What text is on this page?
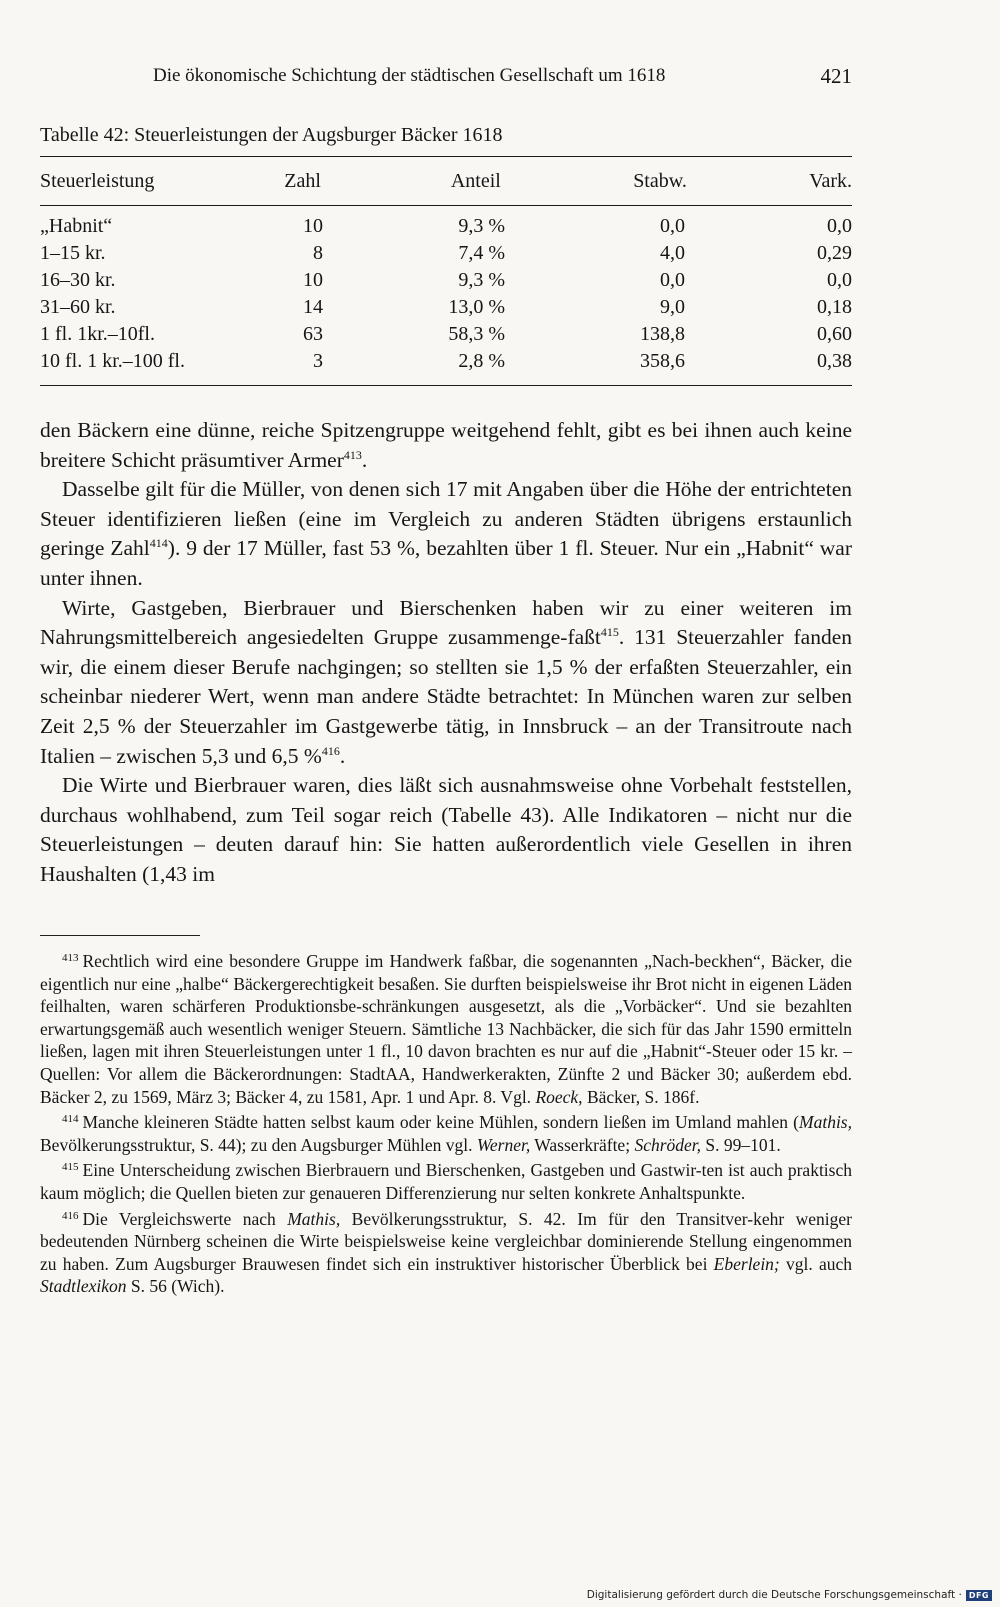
Die ökonomische Schichtung der städtischen Gesellschaft um 1618	421
Tabelle 42: Steuerleistungen der Augsburger Bäcker 1618
Steuerleistung	Zahl	Anteil	Stabw.	Vark.
„Habnit“	10	9,3 %	0,0	0,0
1–15 kr.	8	7,4 %	4,0	0,29
16–30 kr.	10	9,3 %	0,0	0,0
31–60 kr.	14	13,0 %	9,0	0,18
1 fl. 1kr.–10fl.	63	58,3 %	138,8	0,60
10 fl. 1 kr.–100 fl.	3	2,8 %	358,6	0,38

den Bäckern eine dünne, reiche Spitzengruppe weitgehend fehlt, gibt es bei ihnen auch keine breitere Schicht präsumtiver Armer$^{413}$.

Dasselbe gilt für die Müller, von denen sich 17 mit Angaben über die Höhe der entrichteten Steuer identifizieren ließen (eine im Vergleich zu anderen Städten übrigens erstaunlich geringe Zahl$^{414}$). 9 der 17 Müller, fast 53 %, bezahlten über 1 fl. Steuer. Nur ein „Habnit“ war unter ihnen.

Wirte, Gastgeben, Bierbrauer und Bierschenken haben wir zu einer weiteren im Nahrungsmittelbereich angesiedelten Gruppe zusammenge-faßt$^{415}$. 131 Steuerzahler fanden wir, die einem dieser Berufe nachgingen; so stellten sie 1,5 % der erfaßten Steuerzahler, ein scheinbar niederer Wert, wenn man andere Städte betrachtet: In München waren zur selben Zeit 2,5 % der Steuerzahler im Gastgewerbe tätig, in Innsbruck – an der Transitroute nach Italien – zwischen 5,3 und 6,5 %$^{416}$.

Die Wirte und Bierbrauer waren, dies läßt sich ausnahmsweise ohne Vorbehalt feststellen, durchaus wohlhabend, zum Teil sogar reich (Tabelle 43). Alle Indikatoren – nicht nur die Steuerleistungen – deuten darauf hin: Sie hatten außerordentlich viele Gesellen in ihren Haushalten (1,43 im

$^{413}$ Rechtlich wird eine besondere Gruppe im Handwerk faßbar, die sogenannten „Nach-beckhen“, Bäcker, die eigentlich nur eine „halbe“ Bäckergerechtigkeit besaßen. Sie durften beispielsweise ihr Brot nicht in eigenen Läden feilhalten, waren schärferen Produktionsbe-schränkungen ausgesetzt, als die „Vorbäcker“. Und sie bezahlten erwartungsgemäß auch wesentlich weniger Steuern. Sämtliche 13 Nachbäcker, die sich für das Jahr 1590 ermitteln ließen, lagen mit ihren Steuerleistungen unter 1 fl., 10 davon brachten es nur auf die „Habnit“-Steuer oder 15 kr. – Quellen: Vor allem die Bäckerordnungen: StadtAA, Handwerkerakten, Zünfte 2 und Bäcker 30; außerdem ebd. Bäcker 2, zu 1569, März 3; Bäcker 4, zu 1581, Apr. 1 und Apr. 8. Vgl. Roeck, Bäcker, S. 186f.

$^{414}$ Manche kleineren Städte hatten selbst kaum oder keine Mühlen, sondern ließen im Umland mahlen (Mathis, Bevölkerungsstruktur, S. 44); zu den Augsburger Mühlen vgl. Werner, Wasserkräfte; Schröder, S. 99–101.

$^{415}$ Eine Unterscheidung zwischen Bierbrauern und Bierschenken, Gastgeben und Gastwir-ten ist auch praktisch kaum möglich; die Quellen bieten zur genaueren Differenzierung nur selten konkrete Anhaltspunkte.

$^{416}$ Die Vergleichswerte nach Mathis, Bevölkerungsstruktur, S. 42. Im für den Transitver-kehr weniger bedeutenden Nürnberg scheinen die Wirte beispielsweise keine vergleichbar dominierende Stellung eingenommen zu haben. Zum Augsburger Brauwesen findet sich ein instruktiver historischer Überblick bei Eberlein; vgl. auch Stadtlexikon S. 56 (Wich).

Digitalisierung gefördert durch die Deutsche Forschungsgemeinschaft · DFG
